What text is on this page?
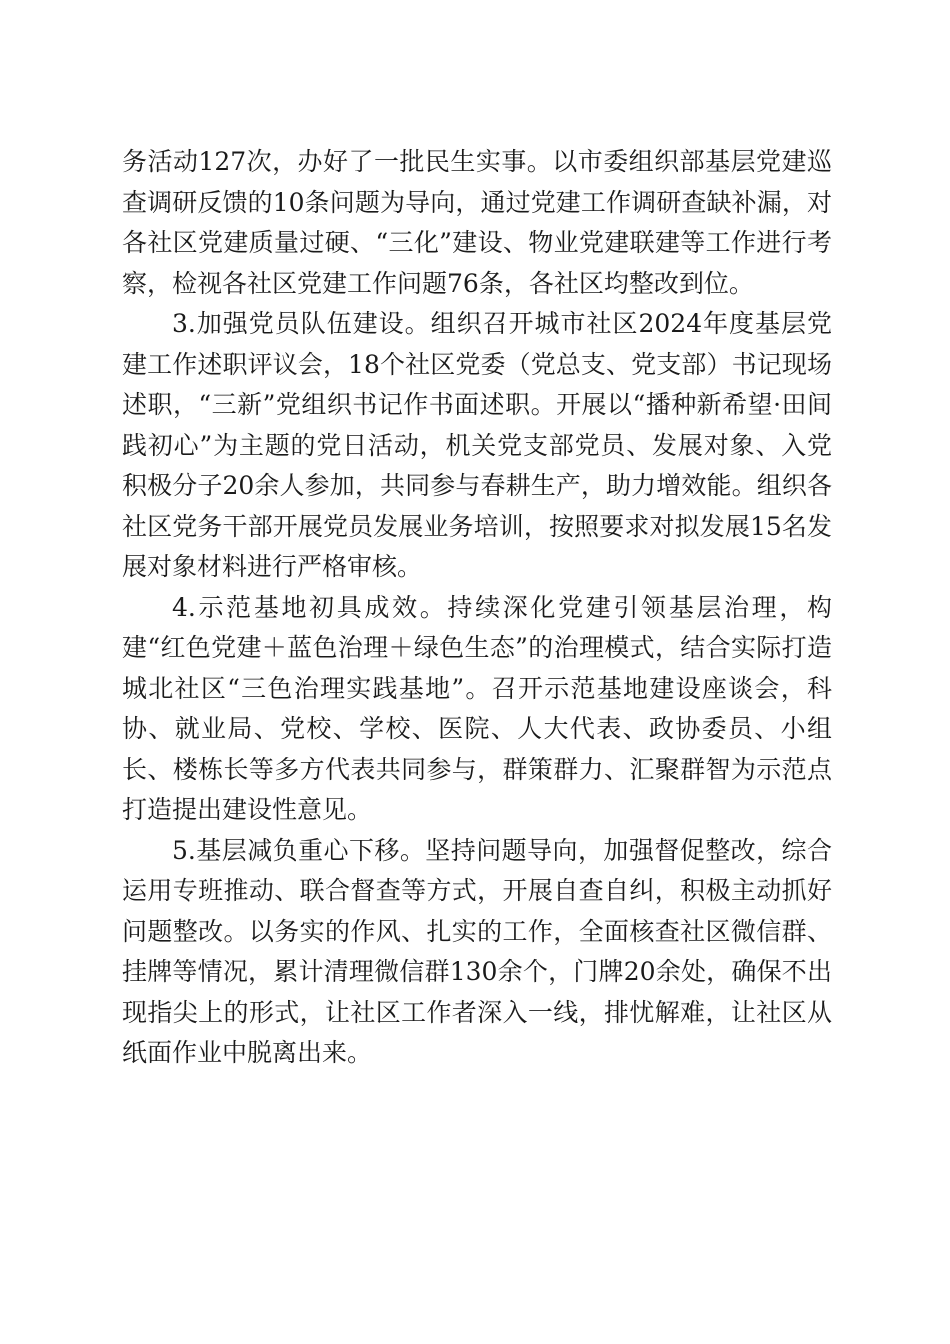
务活动127次，办好了一批民生实事。以市委组织部基层党建巡查调研反馈的10条问题为导向，通过党建工作调研查缺补漏，对各社区党建质量过硬、“三化”建设、物业党建联建等工作进行考察，检视各社区党建工作问题76条，各社区均整改到位。

3.加强党员队伍建设。组织召开城市社区2024年度基层党建工作述职评议会，18个社区党委（党总支、党支部）书记现场述职，“三新”党组织书记作书面述职。开展以“播种新希望·田间践初心”为主题的党日活动，机关党支部党员、发展对象、入党积极分子20余人参加，共同参与春耕生产，助力增效能。组织各社区党务干部开展党员发展业务培训，按照要求对拟发展15名发展对象材料进行严格审核。

4.示范基地初具成效。持续深化党建引领基层治理，构建“红色党建＋蓝色治理＋绿色生态”的治理模式，结合实际打造城北社区“三色治理实践基地”。召开示范基地建设座谈会，科协、就业局、党校、学校、医院、人大代表、政协委员、小组长、楼栋长等多方代表共同参与，群策群力、汇聚群智为示范点打造提出建设性意见。

5.基层减负重心下移。坚持问题导向，加强督促整改，综合运用专班推动、联合督查等方式，开展自查自纠，积极主动抓好问题整改。以务实的作风、扎实的工作，全面核查社区微信群、挂牌等情况，累计清理微信群130余个，门牌20余处，确保不出现指尖上的形式，让社区工作者深入一线，排忧解难，让社区从纸面作业中脱离出来。
